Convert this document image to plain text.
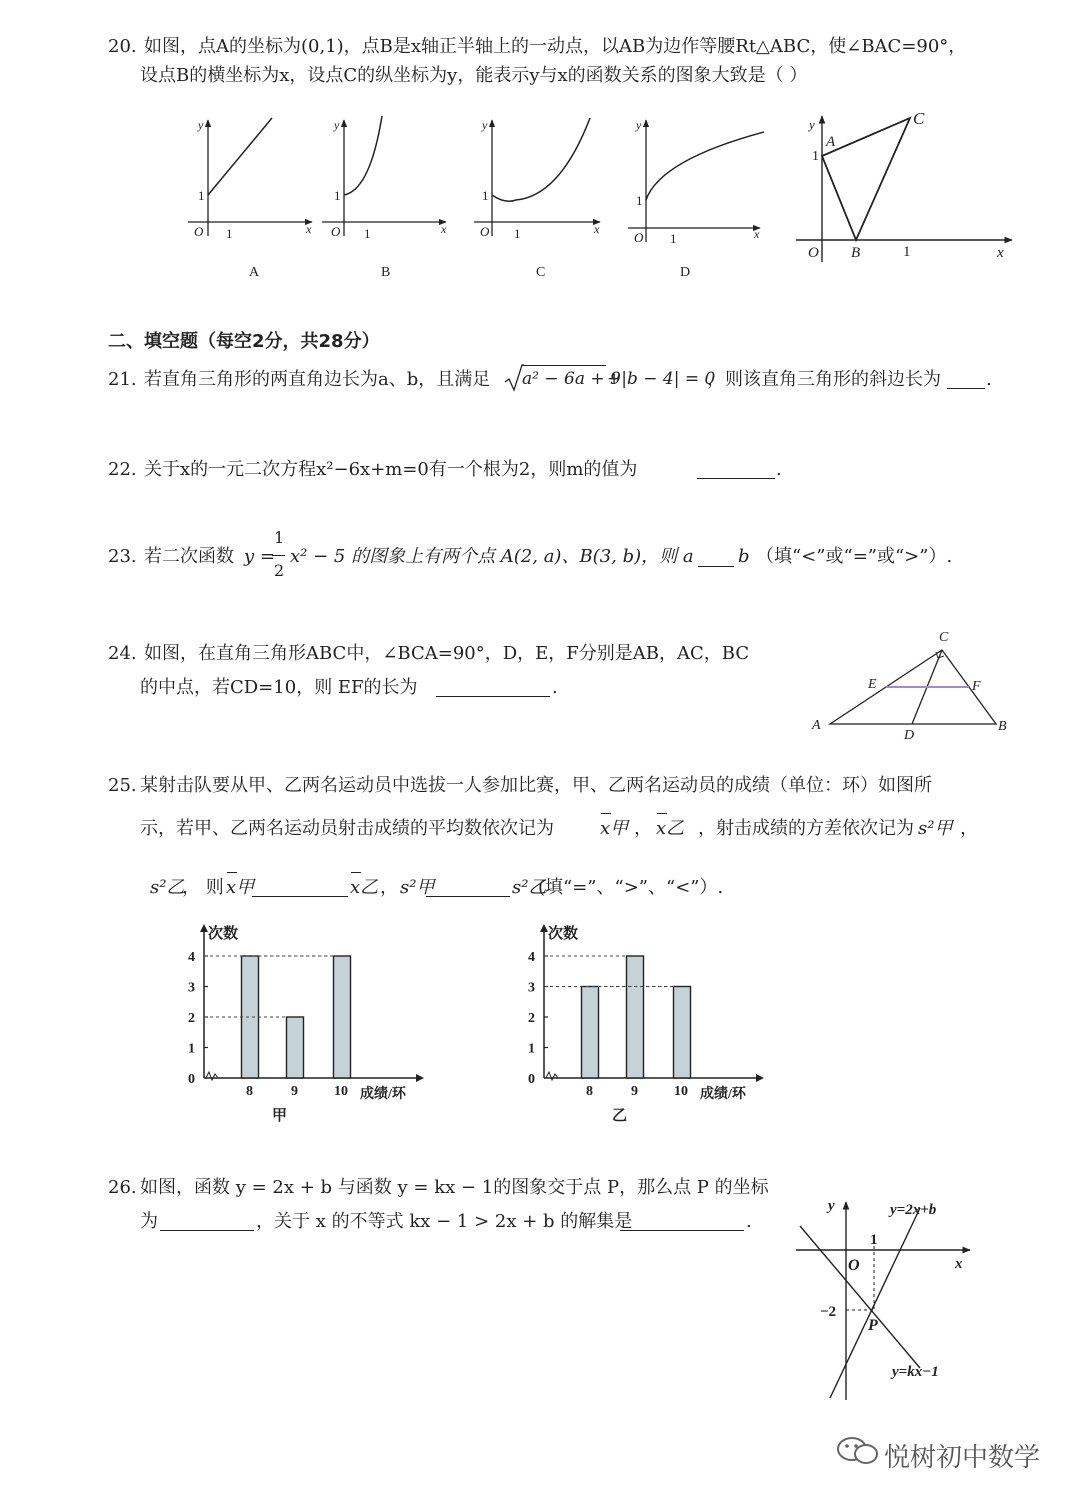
20. 如图，点A的坐标为(0,1)，点B是x轴正半轴上的一动点，以AB为边作等腰Rt△ABC，使∠BAC=90°，
设点B的横坐标为x，设点C的纵坐标为y，能表示y与x的函数关系的图象大致是（ ）
y
x
O 1
1
y
x
O 1
1
y
x
O 1
1
y
x
O 1
1
A	B	C	D
y
A
1
C
O B	1	x
二、填空题（每空2分，共28分）
21. 若直角三角形的两直角边长为a、b，且满足 a² − 6a + 9
+|b − 4| = 0
，则该直角三角形的斜边长为	.
22. 关于x的一元二次方程x²−6x+m=0有一个根为2，则m的值为	.
23. 若二次函数 y =
1
2
x² − 5 的图象上有两个点 A(2, a)、B(3, b)，则 a b （填“<”或“=”或“>”）.
24. 如图，在直角三角形ABC中，∠BCA=90°，D，E，F分别是AB，AC，BC
的中点，若CD=10，则 EF的长为	.
C
E	F
A
D
B
25. 某射击队要从甲、乙两名运动员中选拔一人参加比赛，甲、乙两名运动员的成绩（单位：环）如图所
示，若甲、乙两名运动员射击成绩的平均数依次记为	x甲 ， x乙 ，射击成绩的方差依次记为 s²甲 ，
s²乙
， 则 x甲	x乙 ， s²甲	s²乙
(填“=”、“>”、“<”）.
0
1
2
3
4
次数
8	9	10 成绩/环
甲
0
1
2
3
4
次数
8	9	10 成绩/环
乙
26. 如图，函数 y = 2x + b 与函数 y = kx − 1的图象交于点 P，那么点 P 的坐标
为	，关于 x 的不等式 kx − 1 > 2x + b 的解集是	.
y	y=2x+b
1
O	x
−2
P
y=kx−1
悦树初中数学
